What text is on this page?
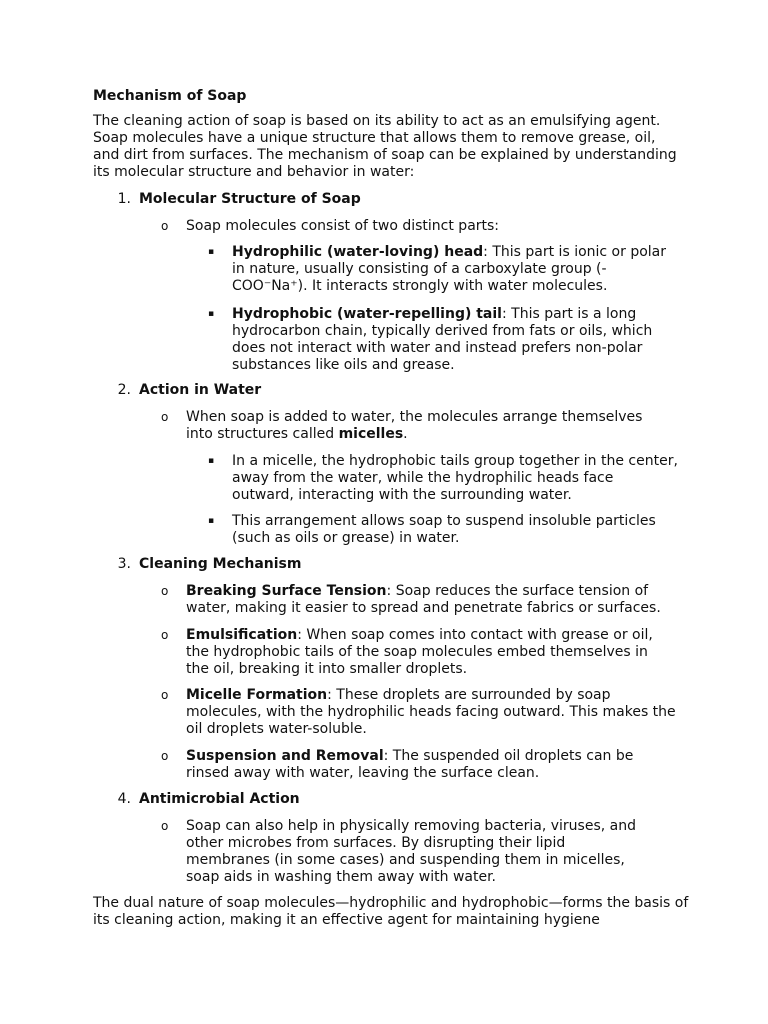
Mechanism of Soap

The cleaning action of soap is based on its ability to act as an emulsifying agent. Soap molecules have a unique structure that allows them to remove grease, oil, and dirt from surfaces. The mechanism of soap can be explained by understanding its molecular structure and behavior in water:

1. Molecular Structure of Soap
o	Soap molecules consist of two distinct parts:

▪	Hydrophilic (water-loving) head: This part is ionic or polar in nature, usually consisting of a carboxylate group (-COO⁻Na⁺). It interacts strongly with water molecules.

▪	Hydrophobic (water-repelling) tail: This part is a long hydrocarbon chain, typically derived from fats or oils, which does not interact with water and instead prefers non-polar substances like oils and grease.

2. Action in Water
o	When soap is added to water, the molecules arrange themselves into structures called micelles.

▪	In a micelle, the hydrophobic tails group together in the center, away from the water, while the hydrophilic heads face outward, interacting with the surrounding water.

▪	This arrangement allows soap to suspend insoluble particles (such as oils or grease) in water.

3. Cleaning Mechanism
o	Breaking Surface Tension: Soap reduces the surface tension of water, making it easier to spread and penetrate fabrics or surfaces.

o	Emulsification: When soap comes into contact with grease or oil, the hydrophobic tails of the soap molecules embed themselves in the oil, breaking it into smaller droplets.

o	Micelle Formation: These droplets are surrounded by soap molecules, with the hydrophilic heads facing outward. This makes the oil droplets water-soluble.

o	Suspension and Removal: The suspended oil droplets can be rinsed away with water, leaving the surface clean.

4. Antimicrobial Action
o	Soap can also help in physically removing bacteria, viruses, and other microbes from surfaces. By disrupting their lipid membranes (in some cases) and suspending them in micelles, soap aids in washing them away with water.

The dual nature of soap molecules—hydrophilic and hydrophobic—forms the basis of its cleaning action, making it an effective agent for maintaining hygiene
